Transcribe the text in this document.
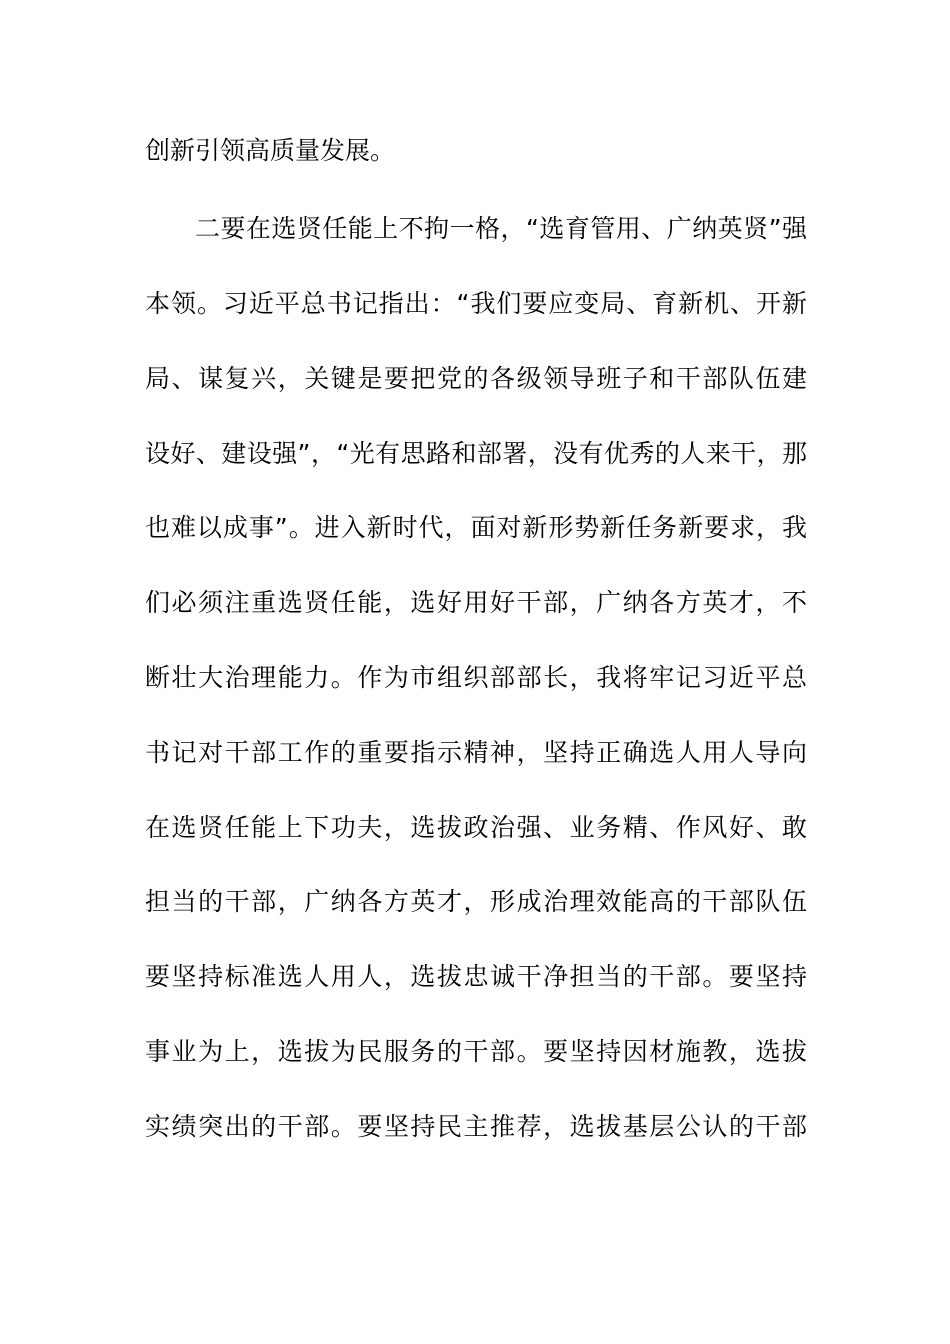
创新引领高质量发展。
二要在选贤任能上不拘一格，“选育管用、广纳英贤”强
本领。习近平总书记指出：“我们要应变局、育新机、开新
局、谋复兴，关键是要把党的各级领导班子和干部队伍建
设好、建设强”，“光有思路和部署，没有优秀的人来干，那
也难以成事”。进入新时代，面对新形势新任务新要求，我
们必须注重选贤任能，选好用好干部，广纳各方英才，不
断壮大治理能力。作为市组织部部长，我将牢记习近平总
书记对干部工作的重要指示精神，坚持正确选人用人导向
在选贤任能上下功夫，选拔政治强、业务精、作风好、敢
担当的干部，广纳各方英才，形成治理效能高的干部队伍
要坚持标准选人用人，选拔忠诚干净担当的干部。要坚持
事业为上，选拔为民服务的干部。要坚持因材施教，选拔
实绩突出的干部。要坚持民主推荐，选拔基层公认的干部
